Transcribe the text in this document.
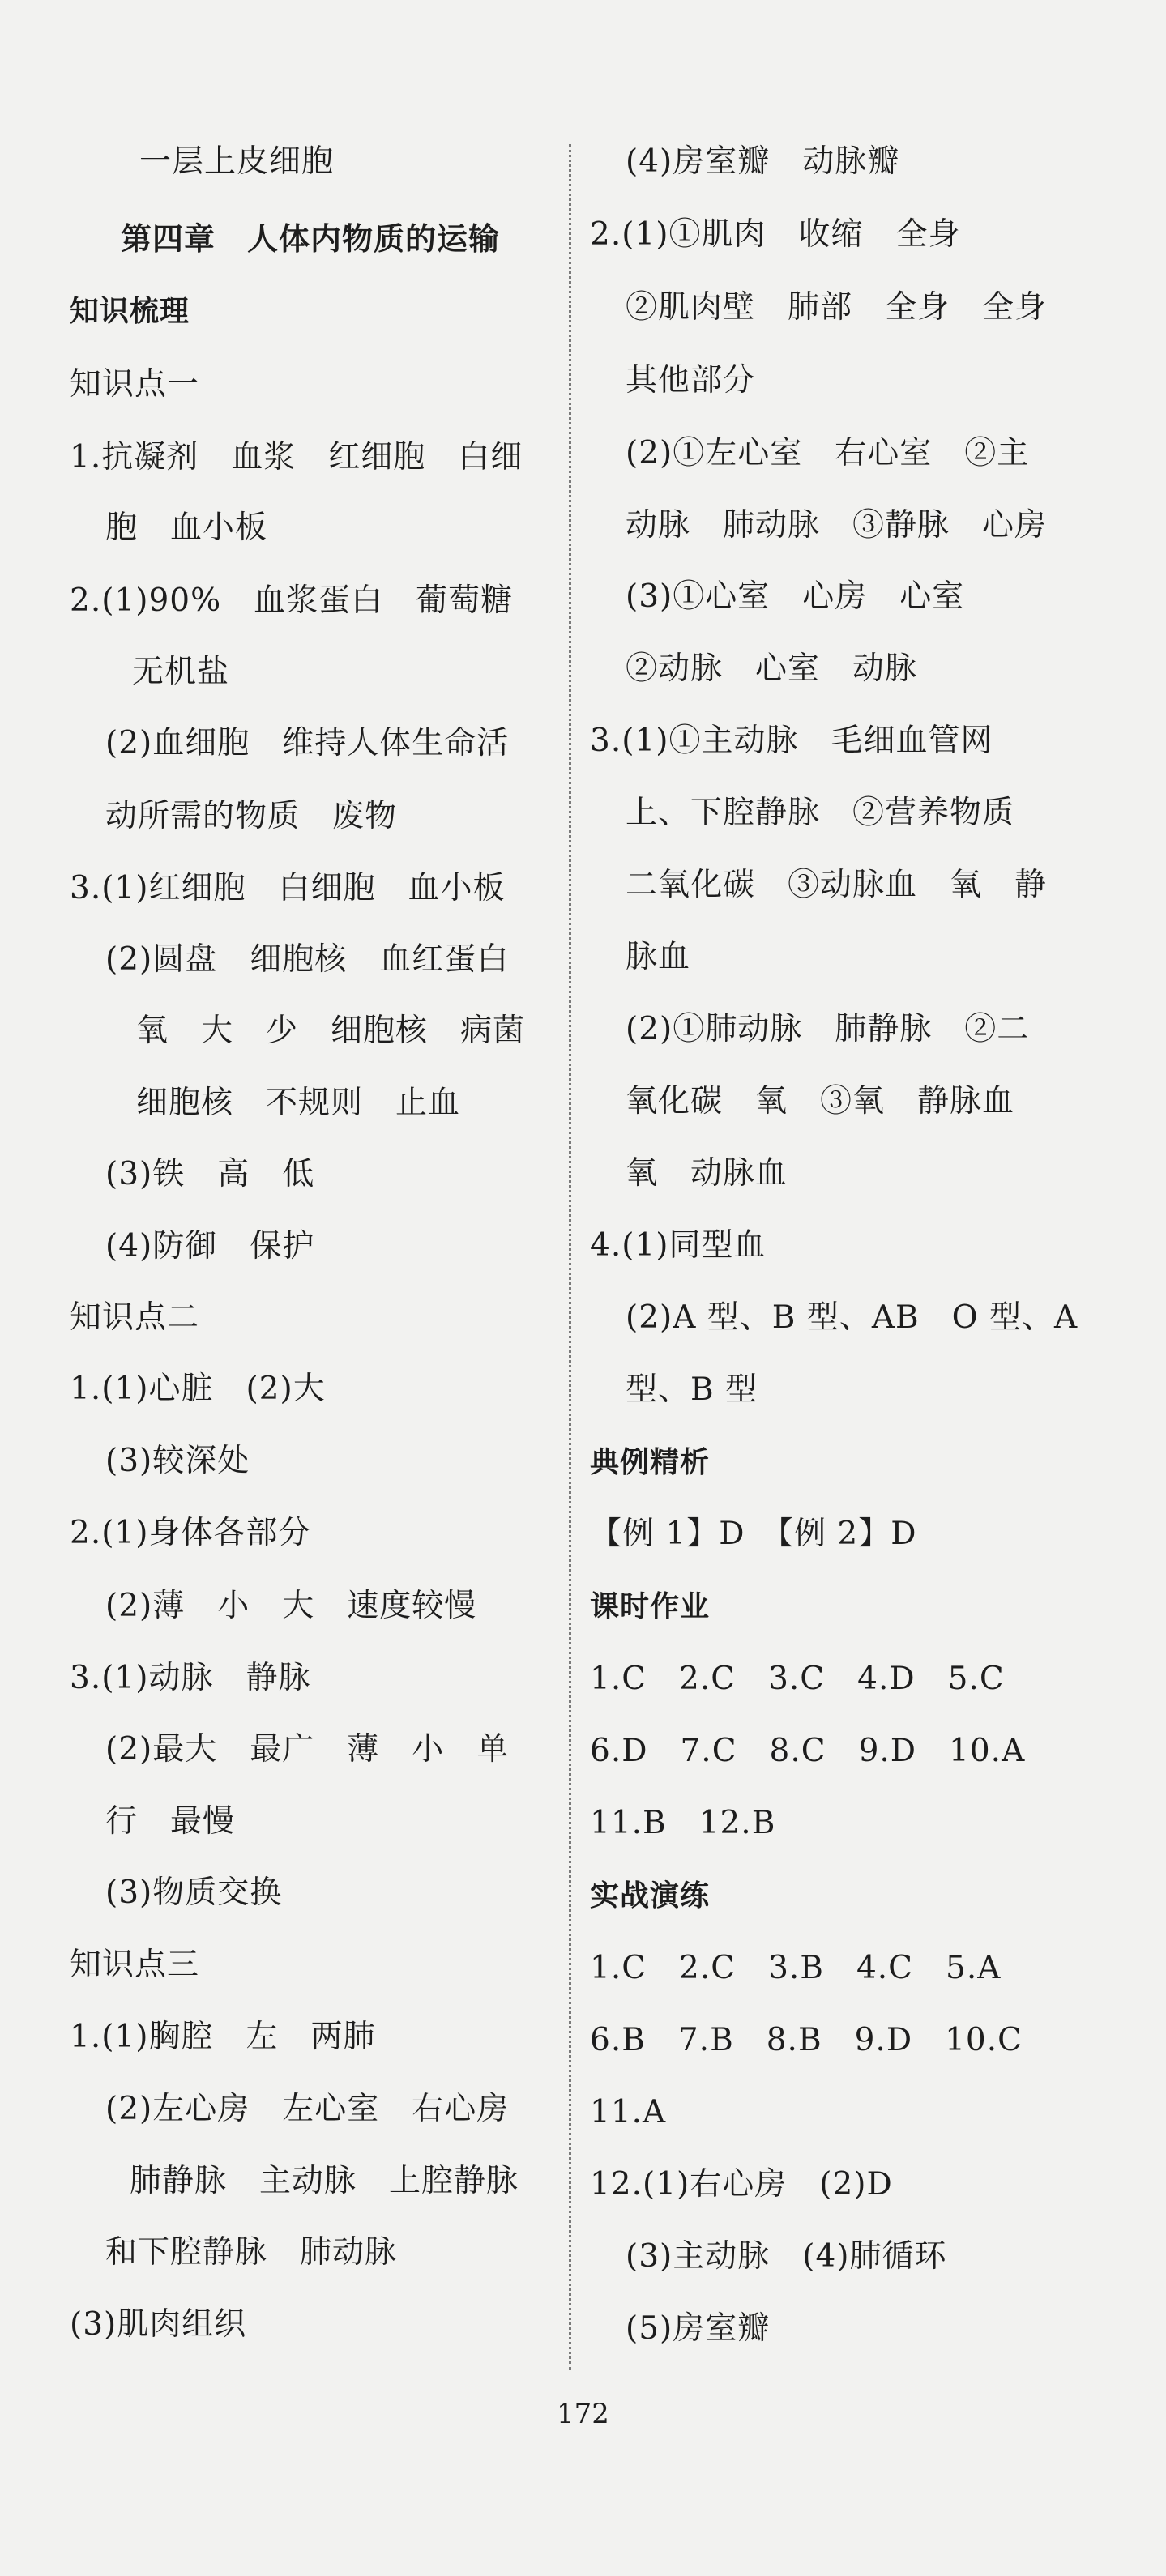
一层上皮细胞
第四章　人体内物质的运输
知识梳理
知识点一
1.抗凝剂　血浆　红细胞　白细
胞　血小板
2.(1)90%　血浆蛋白　葡萄糖
无机盐
(2)血细胞　维持人体生命活
动所需的物质　废物
3.(1)红细胞　白细胞　血小板
(2)圆盘　细胞核　血红蛋白
氧　大　少　细胞核　病菌
细胞核　不规则　止血
(3)铁　高　低
(4)防御　保护
知识点二
1.(1)心脏　(2)大
(3)较深处
2.(1)身体各部分
(2)薄　小　大　速度较慢
3.(1)动脉　静脉
(2)最大　最广　薄　小　单
行　最慢
(3)物质交换
知识点三
1.(1)胸腔　左　两肺
(2)左心房　左心室　右心房
肺静脉　主动脉　上腔静脉
和下腔静脉　肺动脉
(3)肌肉组织
(4)房室瓣　动脉瓣
2.(1)①肌肉　收缩　全身
②肌肉壁　肺部　全身　全身
其他部分
(2)①左心室　右心室　②主
动脉　肺动脉　③静脉　心房
(3)①心室　心房　心室
②动脉　心室　动脉
3.(1)①主动脉　毛细血管网
上、下腔静脉　②营养物质
二氧化碳　③动脉血　氧　静
脉血
(2)①肺动脉　肺静脉　②二
氧化碳　氧　③氧　静脉血
氧　动脉血
4.(1)同型血
(2)A 型、B 型、AB　O 型、A
型、B 型
典例精析
【例 1】D　【例 2】D
课时作业
1.C　2.C　3.C　4.D　5.C
6.D　7.C　8.C　9.D　10.A
11.B　12.B
实战演练
1.C　2.C　3.B　4.C　5.A
6.B　7.B　8.B　9.D　10.C
11.A
12.(1)右心房　(2)D
(3)主动脉　(4)肺循环
(5)房室瓣
172
